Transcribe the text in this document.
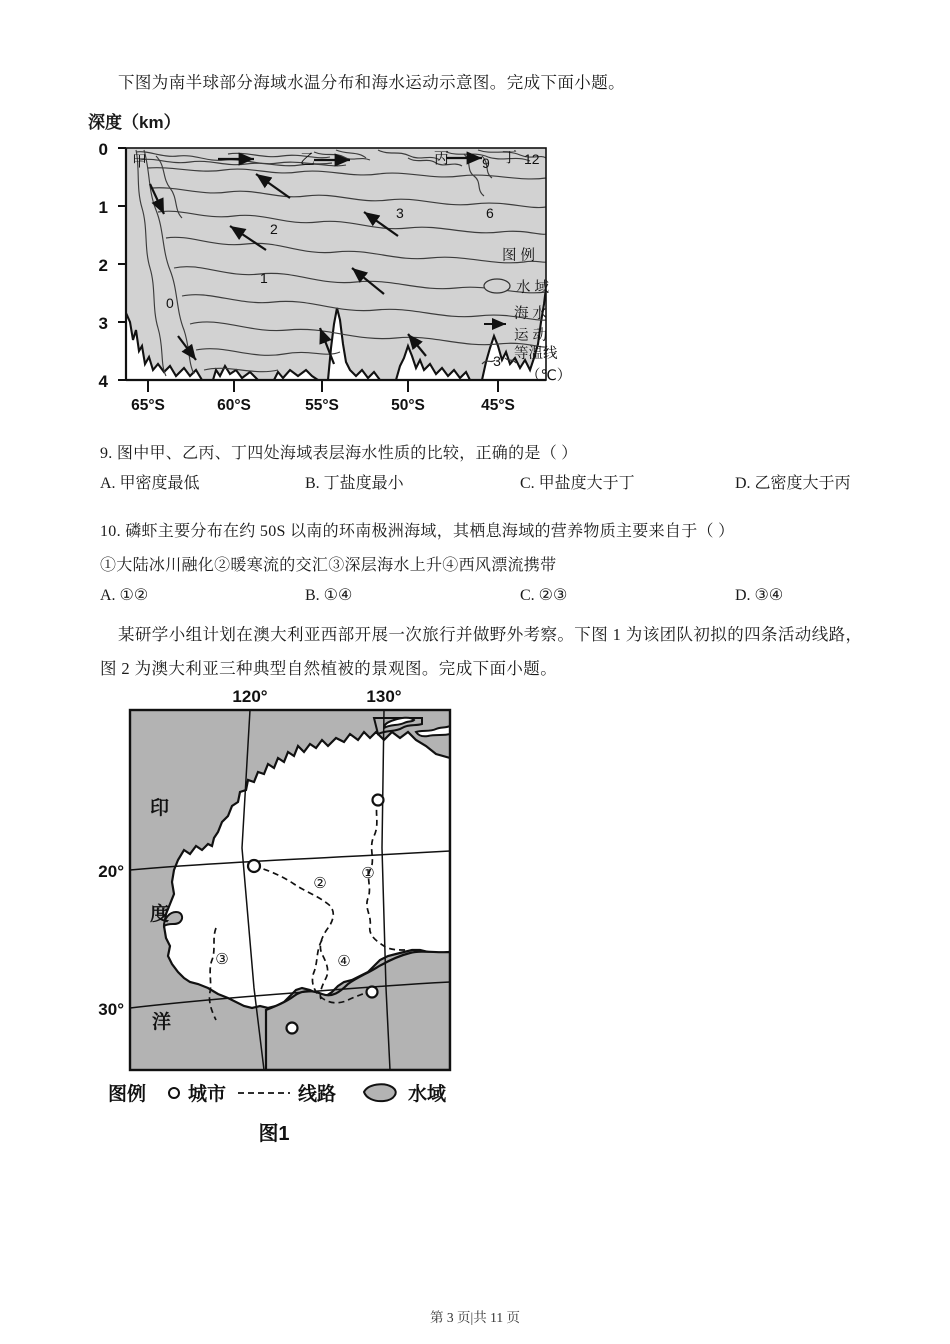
下图为南半球部分海域水温分布和海水运动示意图。完成下面小题。
深度（km）
0
1
2
3
4
65°S	60°S	55°S	50°S	45°S
甲	乙	丙	丁
0
1
2
3	6
9 12
图 例
水 域
海 水
运 动
3 等温线
（℃）
9. 图中甲、乙丙、丁四处海域表层海水性质的比较，正确的是（ ）
A. 甲密度最低	B. 丁盐度最小	C. 甲盐度大于丁	D. 乙密度大于丙
10. 磷虾主要分布在约 50S 以南的环南极洲海域，其栖息海域的营养物质主要来自于（ ）
①大陆冰川融化②暖寒流的交汇③深层海水上升④西风漂流携带
A. ①②	B. ①④	C. ②③	D. ③④
某研学小组计划在澳大利亚西部开展一次旅行并做野外考察。下图 1 为该团队初拟的四条活动线路，
图 2 为澳大利亚三种典型自然植被的景观图。完成下面小题。
120°	130°
20°
30°
印
度
洋
①
②
③	④
图例 城市	线路	水域
图1
第 3 页|共 11 页
